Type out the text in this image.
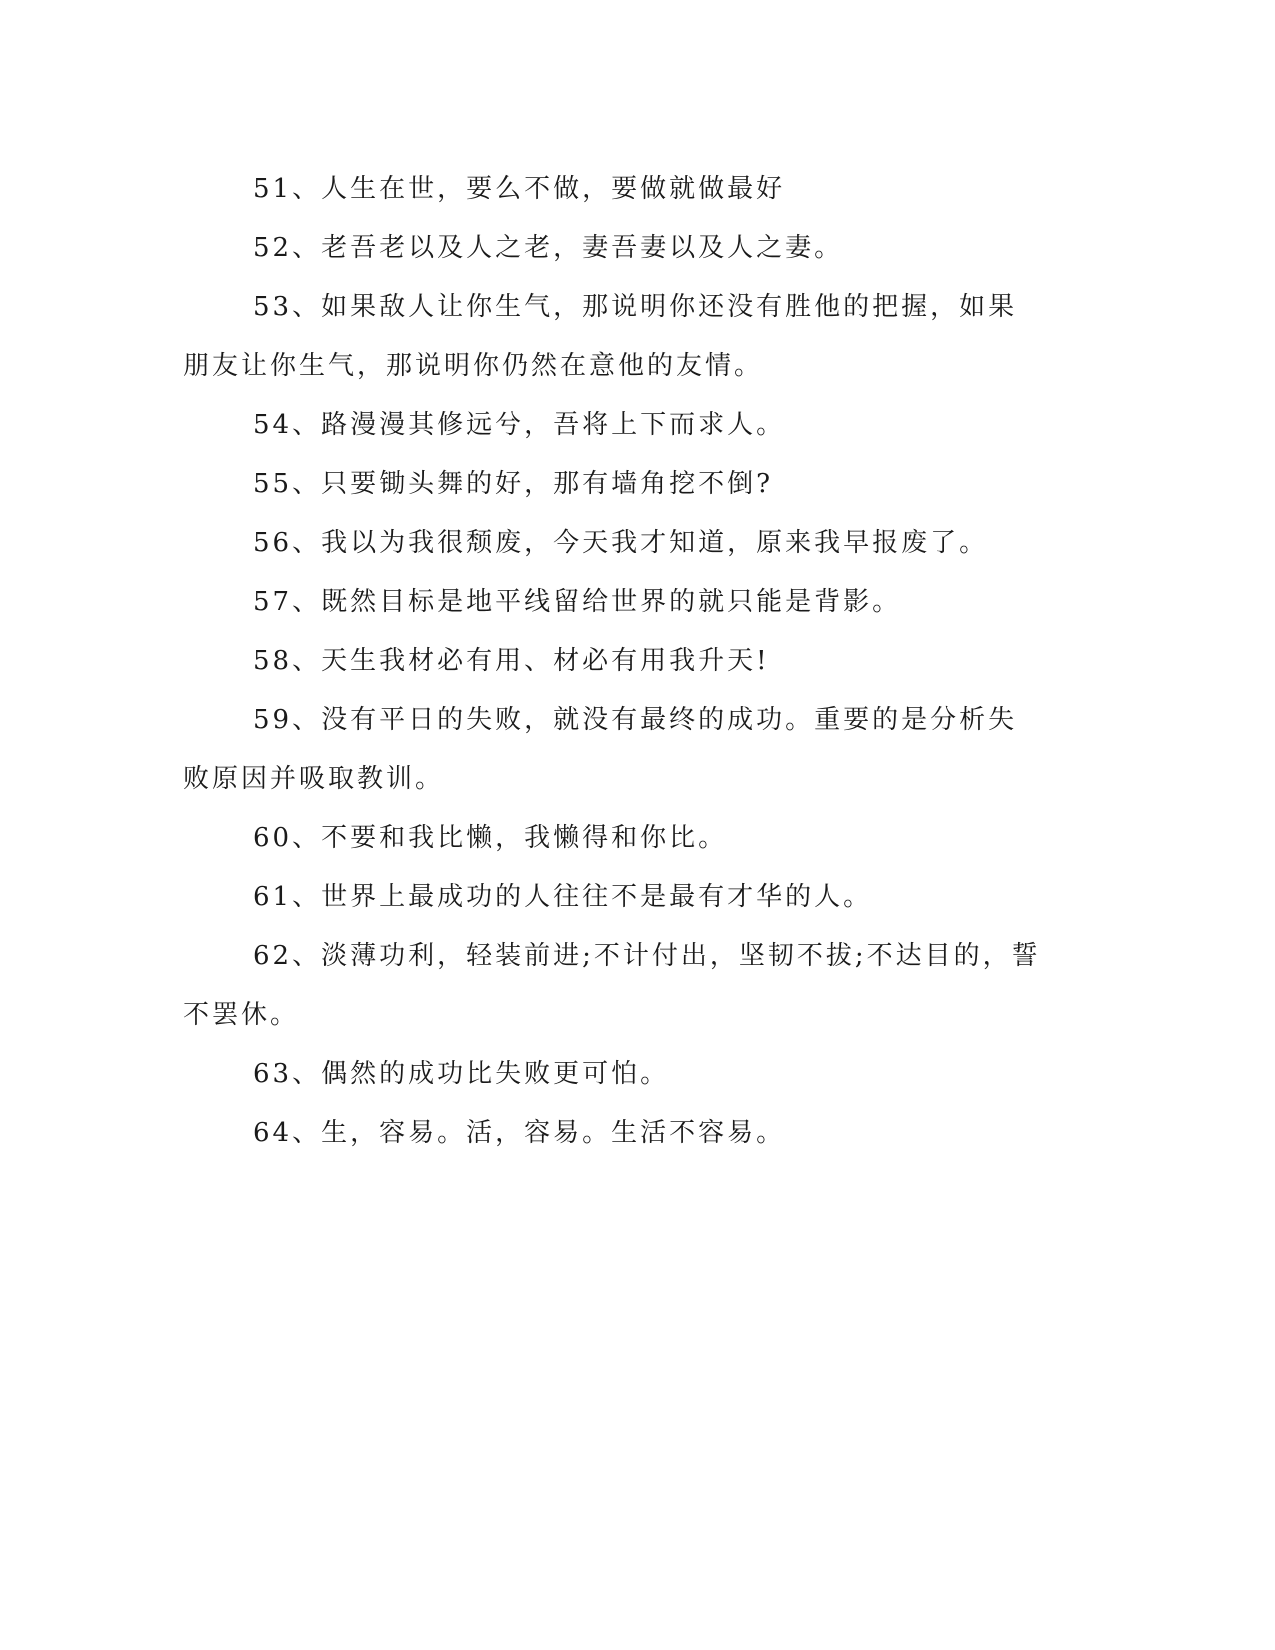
51、人生在世，要么不做，要做就做最好

52、老吾老以及人之老，妻吾妻以及人之妻。

53、如果敌人让你生气，那说明你还没有胜他的把握，如果朋友让你生气，那说明你仍然在意他的友情。

54、路漫漫其修远兮，吾将上下而求人。

55、只要锄头舞的好，那有墙角挖不倒?

56、我以为我很颓废，今天我才知道，原来我早报废了。

57、既然目标是地平线留给世界的就只能是背影。

58、天生我材必有用、材必有用我升天!

59、没有平日的失败，就没有最终的成功。重要的是分析失败原因并吸取教训。

60、不要和我比懒，我懒得和你比。

61、世界上最成功的人往往不是最有才华的人。

62、淡薄功利，轻装前进;不计付出，坚韧不拔;不达目的，誓不罢休。

63、偶然的成功比失败更可怕。

64、生，容易。活，容易。生活不容易。
